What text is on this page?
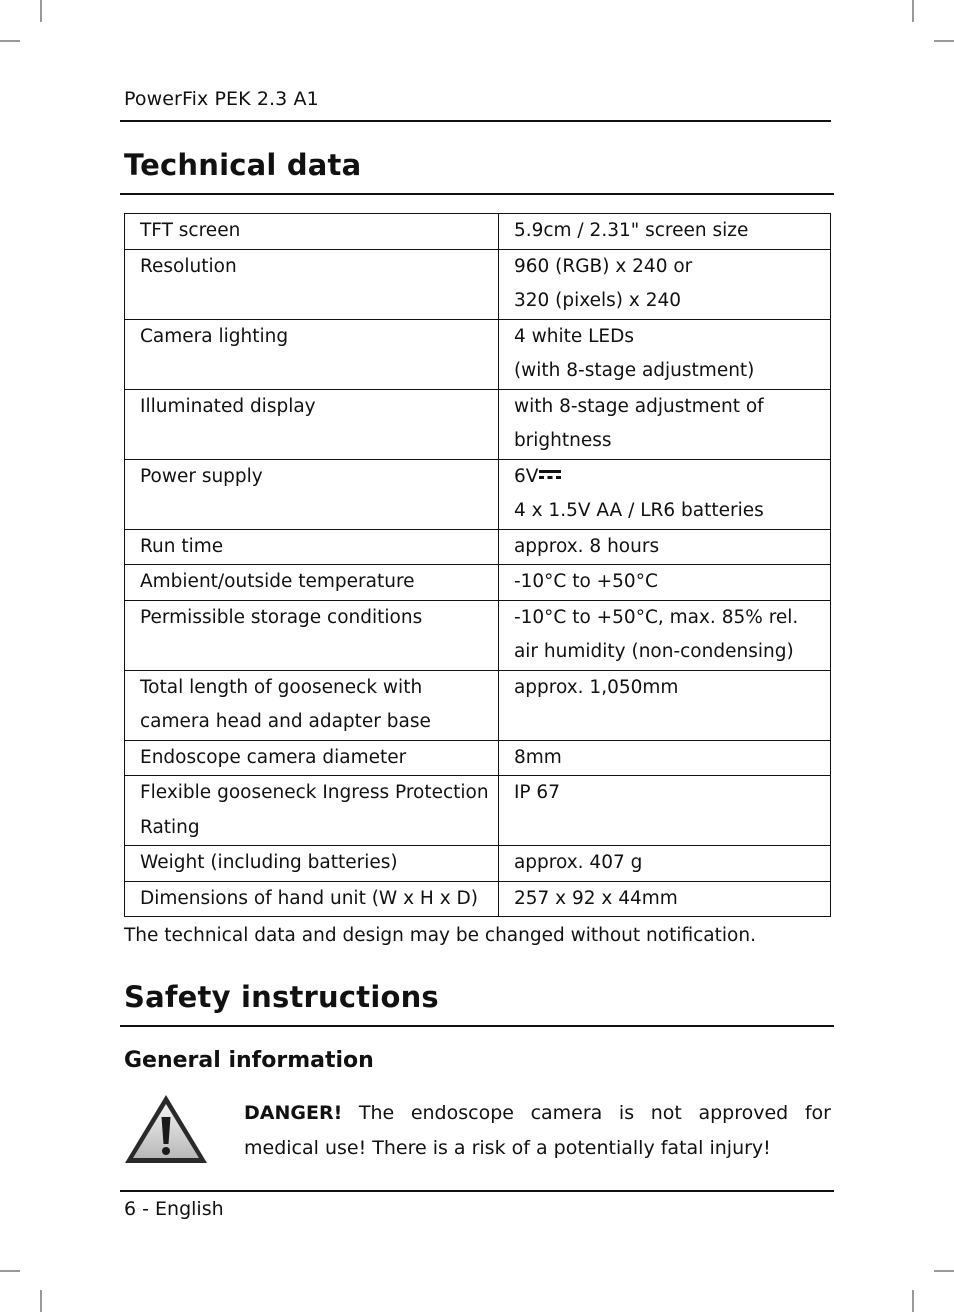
PowerFix PEK 2.3 A1
Technical data
TFT screen	5.9cm / 2.31" screen size

Resolution	960 (RGB) x 240 or
320 (pixels) x 240

Camera lighting	4 white LEDs
(with 8-stage adjustment)

Illuminated display	with 8-stage adjustment of
brightness

Power supply	6V
4 x 1.5V AA / LR6 batteries

Run time	approx. 8 hours

Ambient/outside temperature	-10°C to +50°C

Permissible storage conditions	-10°C to +50°C, max. 85% rel.
air humidity (non-condensing)

Total length of gooseneck with
camera head and adapter base	approx. 1,050mm

Endoscope camera diameter	8mm

Flexible gooseneck Ingress Protection
Rating	IP 67

Weight (including batteries)	approx. 407 g

Dimensions of hand unit (W x H x D)	257 x 92 x 44mm
The technical data and design may be changed without notification.
Safety instructions
General information
DANGER! The endoscope camera is not approved for medical use! There is a risk of a potentially fatal injury!
6 - English
